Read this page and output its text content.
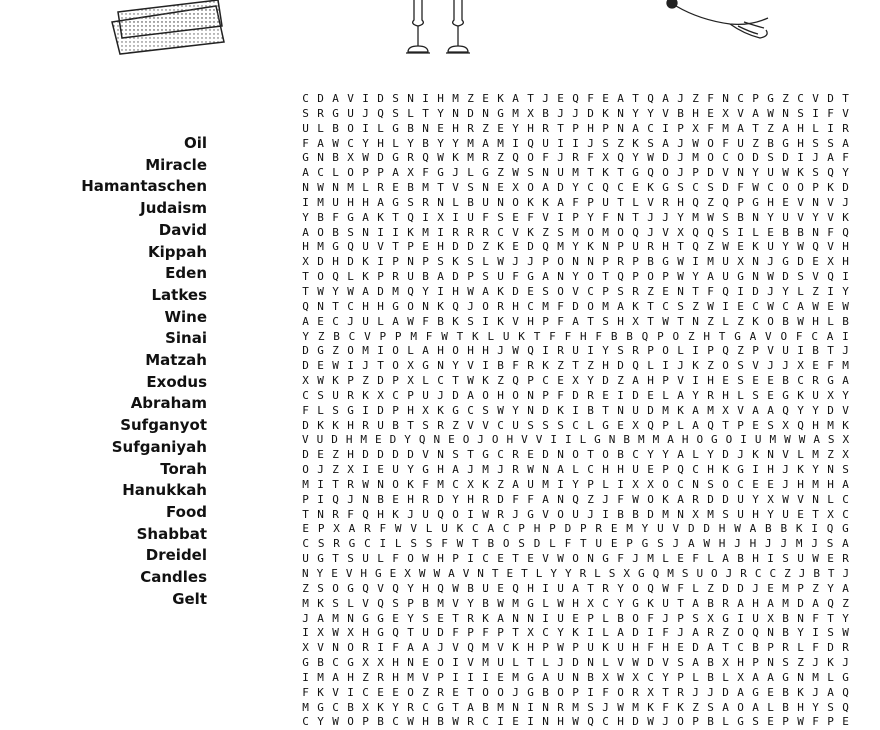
Oil
Miracle
Hamantaschen
Judaism
David
Kippah
Eden
Latkes
Wine
Sinai
Matzah
Exodus
Abraham
Sufganyot
Sufganiyah
Torah
Hanukkah
Food
Shabbat
Dreidel
Candles
Gelt
C D A V I D S N I H M Z E K A T J E Q F E A T Q A J Z F N C P G Z C V D T
S R G U J Q S L T Y N D N G M X B J J D K N Y Y V B H E X V A W N S I F V
U L B O I L G B N E H R Z E Y H R T P H P N A C I P X F M A T Z A H L I R
F A W C Y H L Y B Y Y M A M I Q U I I J S Z K S A J W O F U Z B G H S S A
G N B X W D G R Q W K M R Z Q O F J R F X Q Y W D J M O C O D S D I J A F
A C L O P P A X F G J L G Z W S N U M T K T G Q O J P D V N Y U W K S Q Y
N W N M L R E B M T V S N E X O A D Y C Q C E K G S C S D F W C O O P K D
I M U H H A G S R N L B U N O K K A F P U T L V R H Q Z Q P G H E V N V J
Y B F G A K T Q I X I U F S E F V I P Y F N T J J Y M W S B N Y U V Y V K
A O B S N I I K M I R R R C V K Z S M O M O Q J V X Q Q S I L E B B N F Q
H M G Q U V T P E H D D Z K E D Q M Y K N P U R H T Q Z W E K U Y W Q V H
X D H D K I P N P S K S L W J J P O N N P R P B G W I M U X N J G D E X H
T O Q L K P R U B A D P S U F G A N Y O T Q P O P W Y A U G N W D S V Q I
T W Y W A D M Q Y I H W A K D E S O V C P S R Z E N T F Q I D J Y L Z I Y
Q N T C H H G O N K Q J O R H C M F D O M A K T C S Z W I E C W C A W E W
A E C J U L A W F B K S I K V H P F A T S H X T W T N Z L Z K O B W H L B
Y Z B C V P P M F W T K L U K T F F H F B B Q P O Z H T G A V O F C A I
D G Z O M I O L A H O H H J W Q I R U I Y S R P O L I P Q Z P V U I B T J
D E W I J T O X G N Y V I B F R K Z T Z H D Q L I J K Z O S V J J X E F M
X W K P Z D P X L C T W K Z Q P C E X Y D Z A H P V I H E S E E B C R G A
C S U R K X C P U J D A O H O N P F D R E I D E L A Y R H L S E G K U X Y
F L S G I D P H X K G C S W Y N D K I B T N U D M K A M X V A A Q Y Y D V
D K K H R U B T S R Z V V C U S S S C L G E X Q P L A Q T P E S X Q H M K
V U D H M E D Y Q N E O J O H V V I I L G N B M M A H O G O I U M W W A S X
D E Z H D D D D V N S T G C R E D N O T O B C Y Y A L Y D J K N V L M Z X
O J Z X I E U Y G H A J M J R W N A L C H H U E P Q C H K G I H J K Y N S
M I T R W N O K F M C X K Z A U M I Y P L I X X O C N S O C E E J H M H A
P I Q J N B E H R D Y H R D F F A N Q Z J F W O K A R D D U Y X W V N L C
T N R F Q H K J U Q O I W R J G V O U J I B B D M N X M S U H Y U E T X C
E P X A R F W V L U K C A C P H P D P R E M Y U V D D H W A B B K I Q G
C S R G C I L S S F W T B O S D L F T U E P G S J A W H J H J J M J S A
U G T S U L F O W H P I C E T E V W O N G F J M L E F L A B H I S U W E R
N Y E V H G E X W W A V N T E T L Y Y R L S X G Q M S U O J R C C Z J B T J
Z S O G Q V Q Y H Q W B U E Q H I U A T R Y O Q W F L Z D D J E M P Z Y A
M K S L V Q S P B M V Y B W M G L W H X C Y G K U T A B R A H A M D A Q Z
J A M N G G E Y S E T R K A N N I U E P L B O F J P S X G I U X B N F T Y
I X W X H G Q T U D F P F P T X C Y K I L A D I F J A R Z O Q N B Y I S W
X V N O R I F A A J V Q M V K H P W P U K U H F H E D A T C B P R L F D R
G B C G X X H N E O I V M U L T L J D N L V W D V S A B X H P N S Z J K J
I M A H Z R H M V P I I I E M G A U N B X W X C Y P L B L X A A G N M L G
F K V I C E E O Z R E T O O J G B O P I F O R X T R J J D A G E B K J A Q
M G C B X K Y R C G T A B M N I N R M S J W M K F K Z S A O A L B H Y S Q
C Y W O P B C W H B W R C I E I N H W Q C H D W J O P B L G S E P W F P E
